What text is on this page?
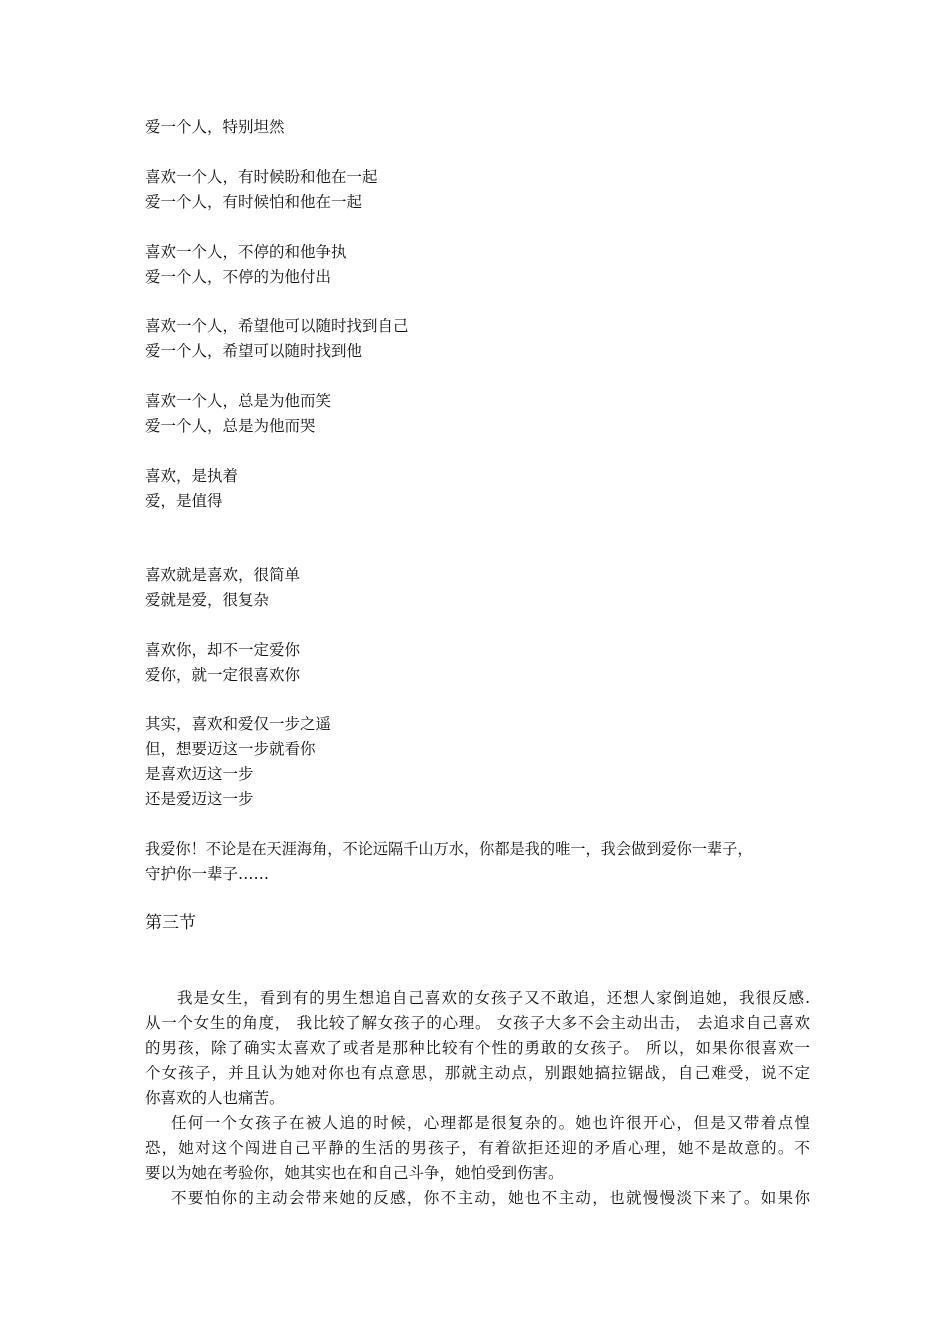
爱一个人，特别坦然
喜欢一个人，有时候盼和他在一起
爱一个人，有时候怕和他在一起
喜欢一个人，不停的和他争执
爱一个人，不停的为他付出
喜欢一个人，希望他可以随时找到自己
爱一个人，希望可以随时找到他
喜欢一个人，总是为他而笑
爱一个人，总是为他而哭
喜欢，是执着
爱，是值得
喜欢就是喜欢，很简单
爱就是爱，很复杂
喜欢你，却不一定爱你
爱你，就一定很喜欢你
其实，喜欢和爱仅一步之遥
但，想要迈这一步就看你
是喜欢迈这一步
还是爱迈这一步
我爱你！不论是在天涯海角，不论远隔千山万水，你都是我的唯一，我会做到爱你一辈子，
守护你一辈子……
第三节
我是女生，看到有的男生想追自己喜欢的女孩子又不敢追，还想人家倒追她，我很反感.
从一个女生的角度， 我比较了解女孩子的心理。 女孩子大多不会主动出击， 去追求自己喜欢
的男孩，除了确实太喜欢了或者是那种比较有个性的勇敢的女孩子。 所以，如果你很喜欢一
个女孩子，并且认为她对你也有点意思，那就主动点，别跟她搞拉锯战，自己难受，说不定
你喜欢的人也痛苦。
任何一个女孩子在被人追的时候，心理都是很复杂的。她也许很开心，但是又带着点惶
恐，她对这个闯进自己平静的生活的男孩子，有着欲拒还迎的矛盾心理，她不是故意的。不
要以为她在考验你，她其实也在和自己斗争，她怕受到伤害。
不要怕你的主动会带来她的反感，你不主动，她也不主动，也就慢慢淡下来了。如果你
